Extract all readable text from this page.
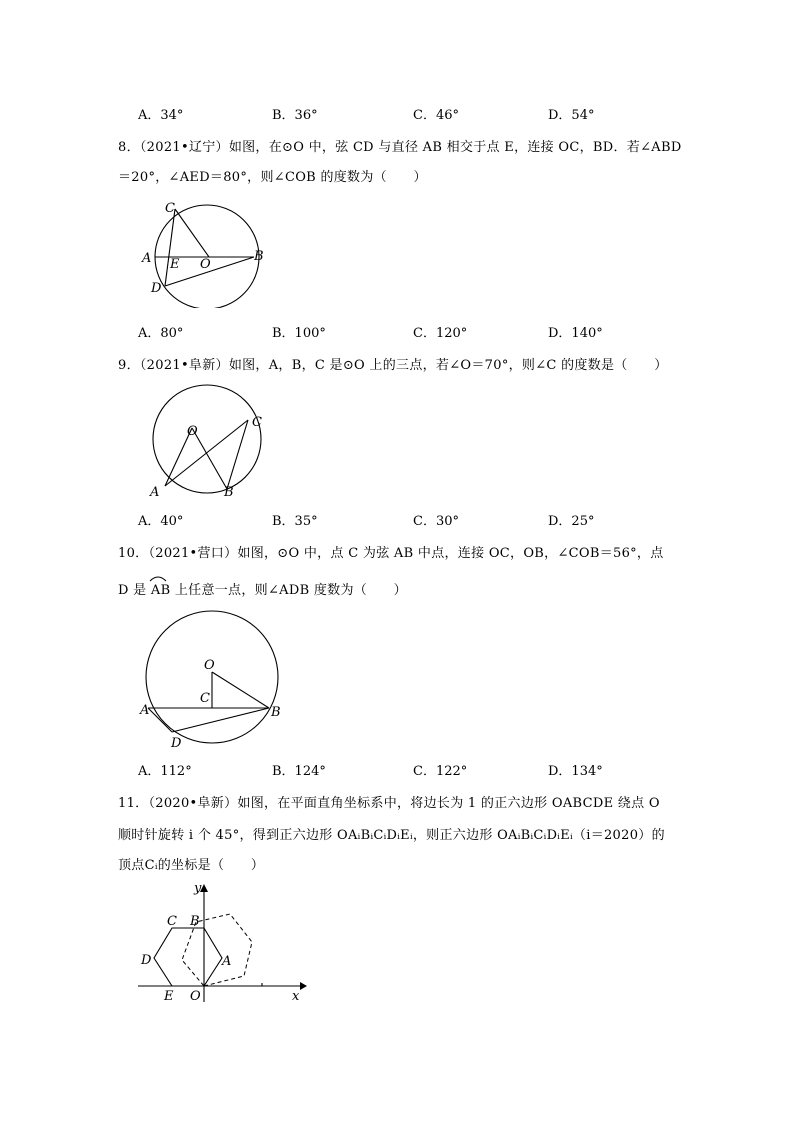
A．34°	B．36°	C．46°	D．54°
8．（2021•辽宁）如图，在⊙O 中，弦 CD 与直径 AB 相交于点 E，连接 OC，BD．若∠ABD
＝20°，∠AED＝80°，则∠COB 的度数为（　　）
C
A E O
B
D
A．80°	B．100°	C．120°	D．140°
9．（2021•阜新）如图，A，B，C 是⊙O 上的三点，若∠O＝70°，则∠C 的度数是（　　）
O
C
A	B
A．40°	B．35°	C．30°	D．25°
10．（2021•营口）如图，⊙O 中，点 C 为弦 AB 中点，连接 OC，OB，∠COB＝56°，点
D 是 AB 上任意一点，则∠ADB 度数为（　　）
O
C
A	B
D
A．112°	B．124°	C．122°	D．134°
11．（2020•阜新）如图，在平面直角坐标系中，将边长为 1 的正六边形 OABCDE 绕点 O
顺时针旋转 i 个 45°，得到正六边形 OAᵢBᵢCᵢDᵢEᵢ，则正六边形 OAᵢBᵢCᵢDᵢEᵢ（i＝2020）的
顶点Cᵢ的坐标是（　　）
y
C B
D	A
E O	x
